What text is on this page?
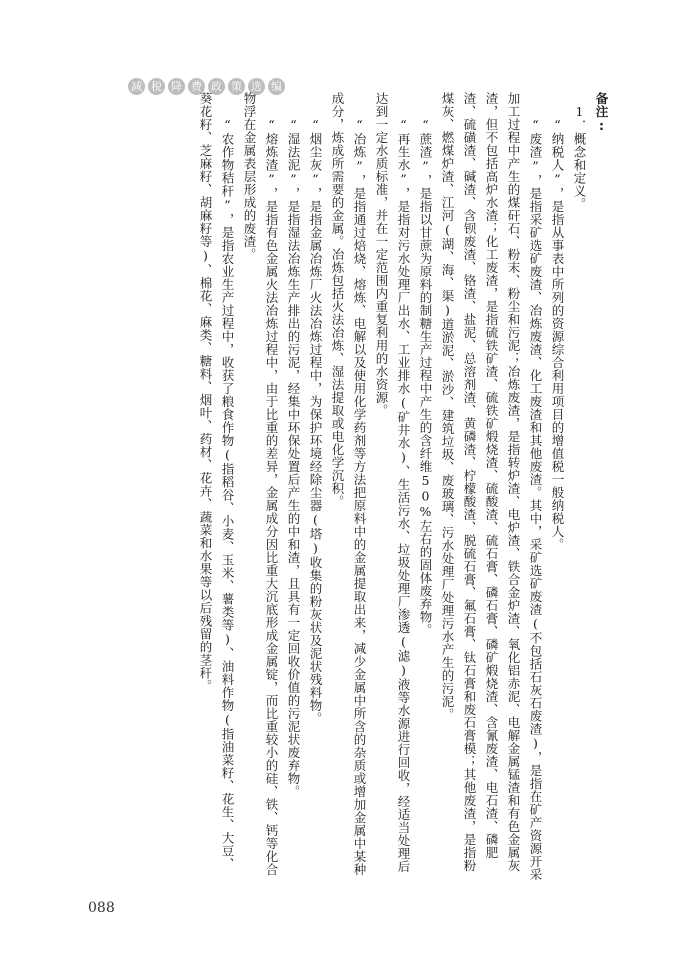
减 税 降 费 政 策 选 编

备注:

1．概念和定义。

“纳税人”，是指从事表中所列的资源综合利用项目的增值税一般纳税人。

“废渣”，是指采矿选矿废渣、冶炼废渣、化工废渣和其他废渣。其中，采矿选矿废渣(不包括石灰石废渣)，是指在矿产资源开采加工过程中产生的煤矸石、粉末、粉尘和污泥；冶炼废渣，是指转炉渣、电炉渣、铁合金炉渣、氧化铝赤泥、电解金属锰渣和有色金属灰渣，但不包括高炉水渣；化工废渣，是指硫铁矿渣、硫铁矿煅烧渣、硫酸渣、硫石膏、磷石膏、磷矿煅烧渣、含氰废渣、电石渣、磷肥渣、硫磺渣、碱渣、含钡废渣、铬渣、盐泥、总溶剂渣、黄磷渣、柠檬酸渣、脱硫石膏、氟石膏、钛石膏和废石膏模；其他废渣，是指粉煤灰、燃煤炉渣、江河(湖、海、渠)道淤泥、淤沙、建筑垃圾、废玻璃、污水处理厂处理污水产生的污泥。

“蔗渣”，是指以甘蔗为原料的制糖生产过程中产生的含纤维50%左右的固体废弃物。

“再生水”，是指对污水处理厂出水、工业排水(矿井水)、生活污水、垃圾处理厂渗透(滤)液等水源进行回收，经适当处理后达到一定水质标准，并在一定范围内重复利用的水资源。

“冶炼”，是指通过焙烧、熔炼、电解以及使用化学药剂等方法把原料中的金属提取出来，减少金属中所含的杂质或增加金属中某种成分，炼成所需要的金属。冶炼包括火法冶炼、湿法提取或电化学沉积。

“烟尘灰”，是指金属冶炼厂火法冶炼过程中，为保护环境经除尘器(塔)收集的粉灰状及泥状残料物。

“湿法泥”，是指湿法冶炼生产排出的污泥，经集中环保处置后产生的中和渣，且具有一定回收价值的污泥状废弃物。

“熔炼渣”，是指有色金属火法冶炼过程中，由于比重的差异，金属成分因比重大沉底形成金属锭，而比重较小的硅、铁、钙等化合物浮在金属表层形成的废渣。

“农作物秸秆”，是指农业生产过程中，收获了粮食作物(指稻谷、小麦、玉米、薯类等)、油料作物(指油菜籽、花生、大豆、葵花籽、芝麻籽、胡麻籽等)、棉花、麻类、糖料、烟叶、药材、花卉、蔬菜和水果等以后残留的茎秆。

088
